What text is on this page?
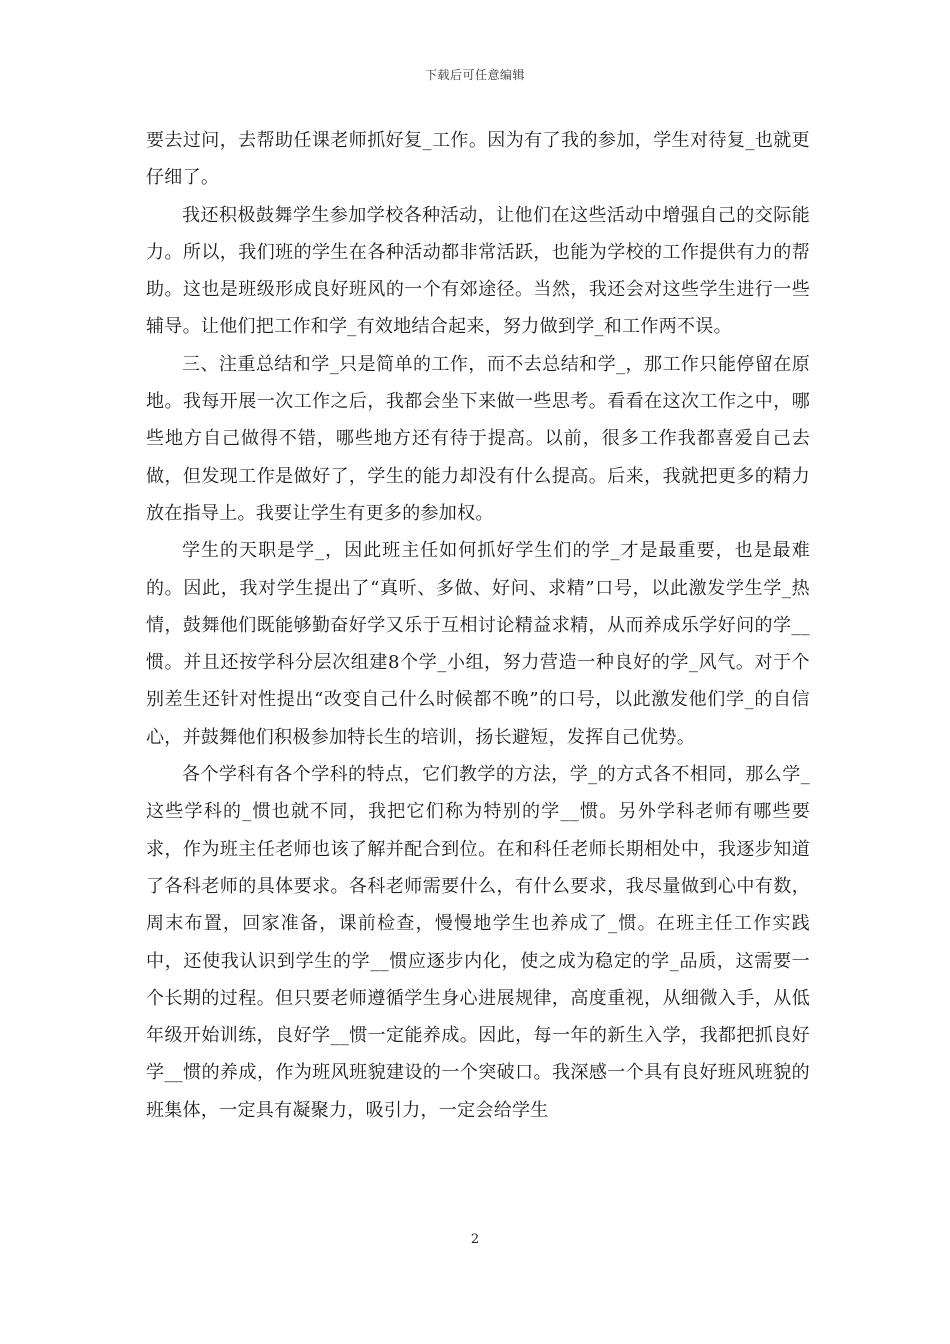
下载后可任意编辑

要去过问，去帮助任课老师抓好复_工作。因为有了我的参加，学生对待复_也就更仔细了。

我还积极鼓舞学生参加学校各种活动，让他们在这些活动中增强自己的交际能力。所以，我们班的学生在各种活动都非常活跃，也能为学校的工作提供有力的帮助。这也是班级形成良好班风的一个有郊途径。当然，我还会对这些学生进行一些辅导。让他们把工作和学_有效地结合起来，努力做到学_和工作两不误。

三、注重总结和学_只是简单的工作，而不去总结和学_，那工作只能停留在原地。我每开展一次工作之后，我都会坐下来做一些思考。看看在这次工作之中，哪些地方自己做得不错，哪些地方还有待于提高。以前，很多工作我都喜爱自己去做，但发现工作是做好了，学生的能力却没有什么提高。后来，我就把更多的精力放在指导上。我要让学生有更多的参加权。

学生的天职是学_，因此班主任如何抓好学生们的学_才是最重要，也是最难的。因此，我对学生提出了“真听、多做、好问、求精”口号，以此激发学生学_热情，鼓舞他们既能够勤奋好学又乐于互相讨论精益求精，从而养成乐学好问的学__惯。并且还按学科分层次组建8个学_小组，努力营造一种良好的学_风气。对于个别差生还针对性提出“改变自己什么时候都不晚”的口号，以此激发他们学_的自信心，并鼓舞他们积极参加特长生的培训，扬长避短，发挥自己优势。

各个学科有各个学科的特点，它们教学的方法，学_的方式各不相同，那么学_这些学科的_惯也就不同，我把它们称为特别的学__惯。另外学科老师有哪些要求，作为班主任老师也该了解并配合到位。在和科任老师长期相处中，我逐步知道了各科老师的具体要求。各科老师需要什么，有什么要求，我尽量做到心中有数，周末布置，回家准备，课前检查，慢慢地学生也养成了_惯。在班主任工作实践中，还使我认识到学生的学__惯应逐步内化，使之成为稳定的学_品质，这需要一个长期的过程。但只要老师遵循学生身心进展规律，高度重视，从细微入手，从低年级开始训练，良好学__惯一定能养成。因此，每一年的新生入学，我都把抓良好学__惯的养成，作为班风班貌建设的一个突破口。我深感一个具有良好班风班貌的班集体，一定具有凝聚力，吸引力，一定会给学生

2
